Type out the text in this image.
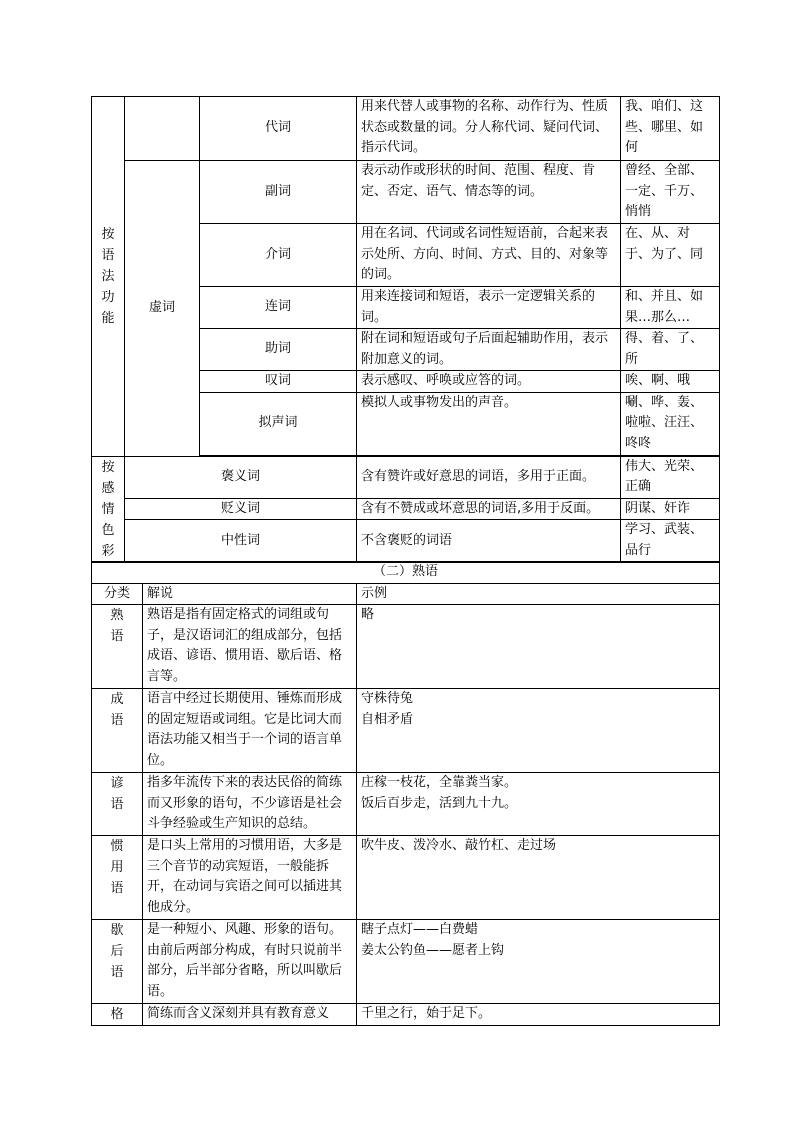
按
语
法
功
能		代词	用来代替人或事物的名称、动作行为、性质状态或数量的词。分人称代词、疑问代词、指示代词。	我、咱们、这些、哪里、如何
	虚词	副词	表示动作或形状的时间、范围、程度、肯定、否定、语气、情态等的词。	曾经、全部、一定、千万、悄悄
		介词	用在名词、代词或名词性短语前，合起来表示处所、方向、时间、方式、目的、对象等的词。	在、从、对于、为了、同
		连词	用来连接词和短语，表示一定逻辑关系的词。	和、并且、如果…那么…
		助词	附在词和短语或句子后面起辅助作用，表示附加意义的词。	得、着、了、所
		叹词	表示感叹、呼唤或应答的词。	唉、啊、哦
		拟声词	模拟人或事物发出的声音。	唰、哗、轰、啦啦、汪汪、咚咚

按
感
情
色
彩	褒义词		含有赞许或好意思的词语，多用于正面。	伟大、光荣、正确
	贬义词		含有不赞成或坏意思的词语,多用于反面。	阴谋、奸诈
	中性词		不含褒贬的词语	学习、武装、品行
（二）熟语		
分类	解说	示例

熟
语	熟语是指有固定格式的词组或句子，是汉语词汇的组成部分，包括成语、谚语、惯用语、歇后语、格言等。	略

成
语	语言中经过长期使用、锤炼而形成的固定短语或词组。它是比词大而语法功能又相当于一个词的语言单位。	守株待兔
自相矛盾

谚
语	指多年流传下来的表达民俗的简练而又形象的语句，不少谚语是社会斗争经验或生产知识的总结。	庄稼一枝花，全靠粪当家。
饭后百步走，活到九十九。

惯
用
语	是口头上常用的习惯用语，大多是三个音节的动宾短语，一般能拆开，在动词与宾语之间可以插进其他成分。	吹牛皮、泼冷水、敲竹杠、走过场

歇
后
语	是一种短小、风趣、形象的语句。由前后两部分构成，有时只说前半部分，后半部分省略，所以叫歇后语。	瞎子点灯——白费蜡
姜太公钓鱼——愿者上钩

格	简练而含义深刻并具有教育意义	千里之行，始于足下。
